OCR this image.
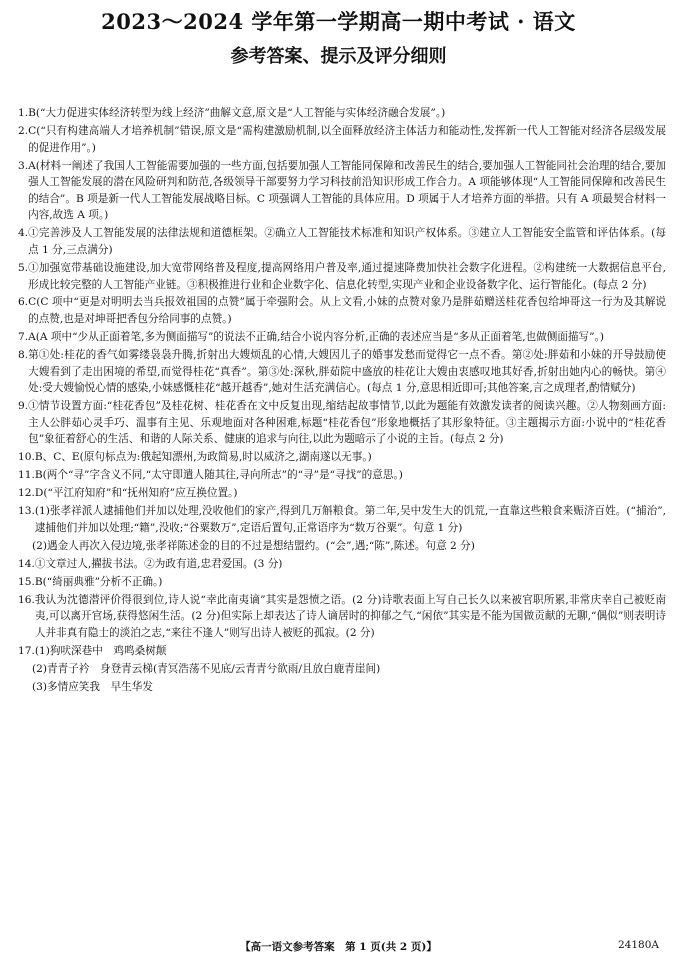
2023～2024 学年第一学期高一期中考试 · 语文
参考答案、提示及评分细则
1. B(“大力促进实体经济转型为线上经济”曲解文意,原文是“人工智能与实体经济融合发展”。)
2. C(“只有构建高端人才培养机制”错误,原文是“需构建激励机制,以全面释放经济主体活力和能动性,发挥新一代人工智能对经济各层级发展的促进作用”。)
3. A(材料一阐述了我国人工智能需要加强的一些方面,包括要加强人工智能同保障和改善民生的结合,要加强人工智能同社会治理的结合,要加强人工智能发展的潜在风险研判和防范,各级领导干部要努力学习科技前沿知识形成工作合力。A 项能够体现“人工智能同保障和改善民生的结合”。B 项是新一代人工智能发展战略目标。C 项强调人工智能的具体应用。D 项属于人才培养方面的举措。只有 A 项最契合材料一内容,故选 A 项。)
4. ①完善涉及人工智能发展的法律法规和道德框架。②确立人工智能技术标准和知识产权体系。③建立人工智能安全监管和评估体系。(每点 1 分,三点满分)
5. ①加强宽带基础设施建设,加大宽带网络普及程度,提高网络用户普及率,通过提速降费加快社会数字化进程。②构建统一大数据信息平台,形成比较完整的人工智能产业链。③积极推进行业和企业数字化、信息化转型,实现产业和企业设备数字化、运行智能化。(每点 2 分)
6. C(C 项中“更是对明明去当兵报效祖国的点赞”属于牵强附会。从上文看,小妹的点赞对象乃是胖茹赠送桂花香包给坤哥这一行为及其解说的点赞,也是对坤哥把香包分给同事的点赞。)
7. A(A 项中“少从正面着笔,多为侧面描写”的说法不正确,结合小说内容分析,正确的表述应当是“多从正面着笔,也做侧面描写”。)
8. 第①处:桂花的香气如雾缕袅袅升腾,折射出大嫂烦乱的心情,大嫂因儿子的婚事发愁而觉得它一点不香。第②处:胖茹和小妹的开导鼓励使大嫂看到了走出困境的希望,而觉得桂花“真香”。第③处:深秋,胖茹院中盛放的桂花让大嫂由衷感叹地其好香,折射出她内心的畅快。第④处:受大嫂愉悦心情的感染,小妹感慨桂花“越开越香”,她对生活充满信心。(每点 1 分,意思相近即可;其他答案,言之成理者,酌情赋分)
9. ①情节设置方面:“桂花香包”及桂花树、桂花香在文中反复出现,缩结起故事情节,以此为题能有效激发读者的阅读兴趣。②人物刻画方面:主人公胖茹心灵手巧、温事有主见、乐观地面对各种困难,标题“桂花香包”形象地概括了其形象特征。③主题揭示方面:小说中的“桂花香包”象征着舒心的生活、和谐的人际关系、健康的追求与向往,以此为题暗示了小说的主旨。(每点 2 分)
10. B、C、E(原句标点为:俄起知漂州,为政简易,时以威济之,湖南遂以无事。)
11. B(两个“寻”字含义不同,“太守即遣人随其往,寻向所志”的“寻”是“寻找”的意思。)
12. D(“平江府知府”和“抚州知府”应互换位置。)
13. (1)张孝祥派人逮捕他们并加以处理,没收他们的家产,得到几万斛粮食。第二年,吴中发生大的饥荒,一直靠这些粮食来赈济百姓。(“捕治”,逮捕他们并加以处理;“籍”,没收;“谷粟数万”,定语后置句,正常语序为“数万谷粟”。句意 1 分)
(2)遇金人再次入侵边境,张孝祥陈述金的目的不过是想结盟约。(“会”,遇;“陈”,陈述。句意 2 分)
14. ①文章过人,擢拔书法。②为政有道,忠君爱国。(3 分)
15. B(“绮丽典雅”分析不正确。)
16. 我认为沈德潜评价得很到位,诗人说“幸此南夷谪”其实是怨愤之语。(2 分)诗歌表面上写自己长久以来被官职所累,非常庆幸自己被贬南夷,可以离开官场,获得悠闲生活。(2 分)但实际上却表达了诗人谪居时的抑郁之气,“闲依”其实是不能为国做贡献的无聊,“偶似”则表明诗人并非真有隐士的淡泊之志,“来往不逢人”则写出诗人被贬的孤寂。(2 分)
17. (1)狗吠深巷中　鸡鸣桑树颠
(2)青青子衿　身登青云梯(青冥浩荡不见底/云青青兮欲雨/且放白鹿青崖间)
(3)多情应笑我　早生华发
【高一语文参考答案　第 1 页(共 2 页)】	24180A
